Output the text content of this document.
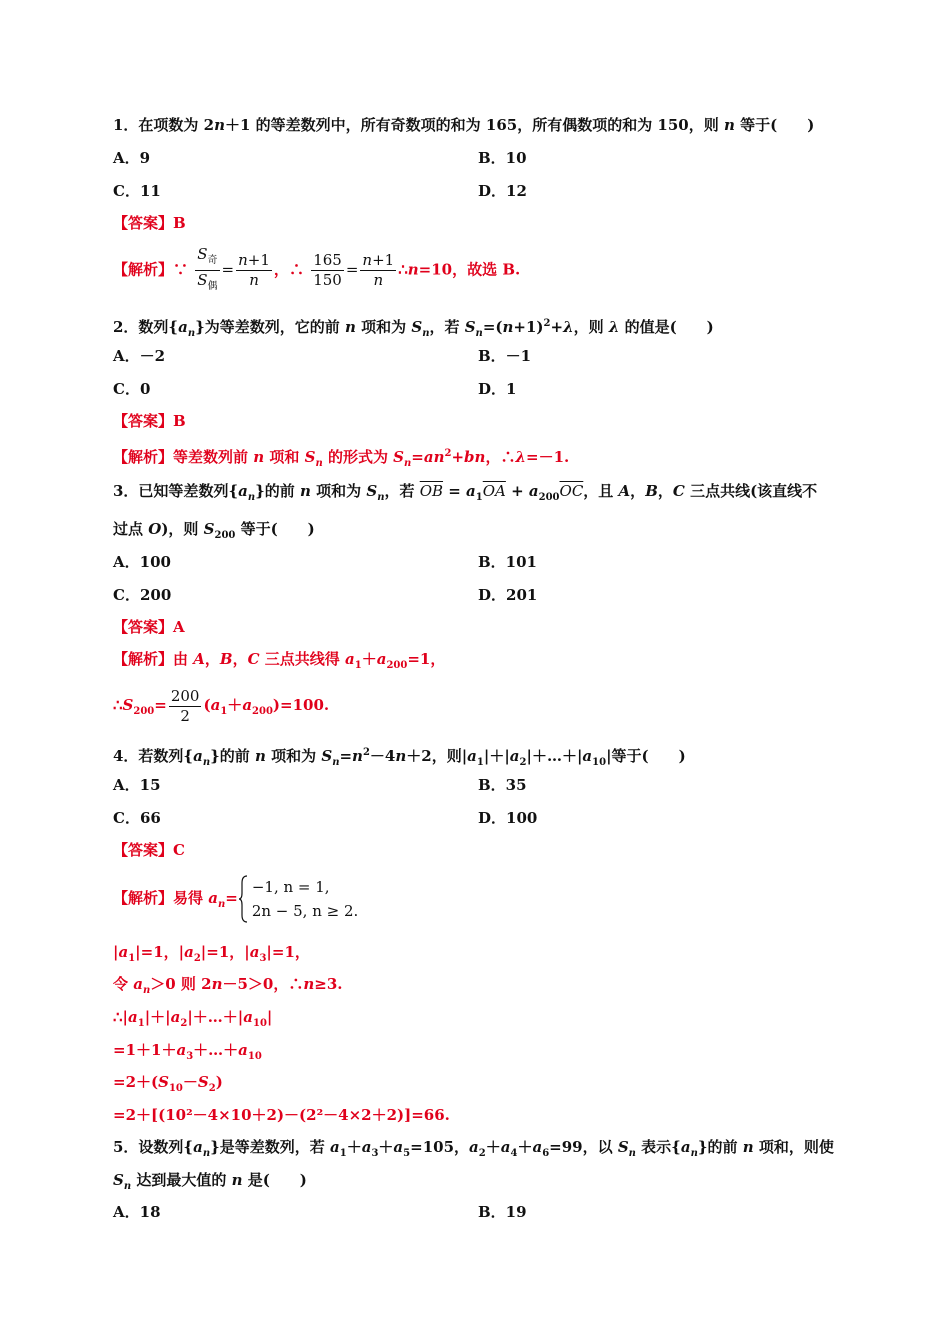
1．在项数为 2n＋1 的等差数列中，所有奇数项的和为 165，所有偶数项的和为 150，则 n 等于(　　)
A．9	B．10
C．11	D．12
【答案】B
【解析】∵ $\frac{S_奇}{S_偶} = \frac{n+1}{n}$ ，∴ $\frac{165}{150} = \frac{n+1}{n}$ ∴n=10，故选 B.
2．数列$\{a_n\}$为等差数列，它的前 n 项和为 $S_n$，若 $S_n=(n+1)^2+\lambda$，则 λ 的值是(　　)
A．－2	B．－1
C．0	D．1
【答案】B
【解析】等差数列前 n 项和 $S_n$ 的形式为 $S_n=an^2+bn$，∴λ=－1.
3．已知等差数列$\{a_n\}$的前 n 项和为 $S_n$，若 $\overline{OB} = a_1\overline{OA} + a_{200}\overline{OC}$，且 A，B，C 三点共线(该直线不
过点 O)，则 $S_{200}$ 等于(　　)
A．100	B．101
C．200	D．201
【答案】A
【解析】由 A，B，C 三点共线得 $a_1+a_{200}=1$，
$\therefore S_{200}= \frac{200}{2} (a_1+a_{200})=100$.
4．若数列$\{a_n\}$的前 n 项和为 $S_n=n^2-4n+2$，则$|a_1|+|a_2|+\dots+|a_{10}|$等于(　　)
A．15	B．35
C．66	D．100
【答案】C
【解析】易得 $a_n=$
−1, n = 1,
2n − 5, n ≥ 2.
$|a_1|=1$，$|a_2|=1$，$|a_3|=1$，
令 $a_n>0$ 则 2n－5＞0，∴n≥3.
$\therefore|a_1|+|a_2|+\dots+|a_{10}|$
$=1+1+a_3+\dots+a_{10}$
$=2+(S_{10}-S_2)$
=2＋[(10²－4×10＋2)－(2²－4×2＋2)]=66.
5．设数列$\{a_n\}$是等差数列，若 $a_1+a_3+a_5=105$，$a_2+a_4+a_6=99$，以 $S_n$ 表示$\{a_n\}$的前 n 项和，则使
$S_n$ 达到最大值的 n 是(　　)
A．18	B．19
